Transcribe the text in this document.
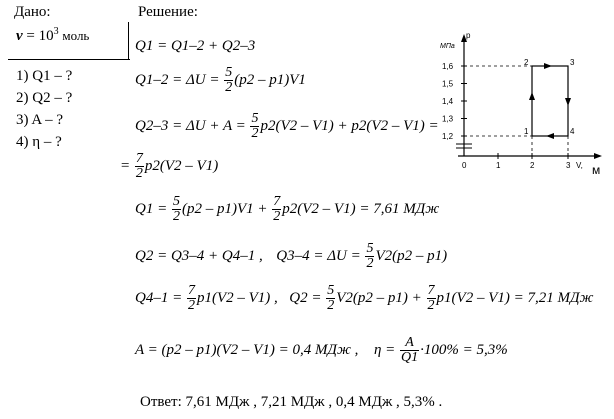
Дано:
$\nu = 10^3$ моль
1) Q1 – ?
2) Q2 – ?
3) A – ?
4) η – ?
Решение:
Q1 = Q1–2 + Q2–3
$Q1-2 = \Delta U = \frac{5}{2} (p2 - p1)V1$
$Q2-3 = \Delta U + A = \frac{5}{2} p2(V2 - V1) + p2(V2 - V1)$ =
= $\frac{7}{2} p2(V2 - V1)$
$Q1 = \frac{5}{2} (p2 - p1)V1 + \frac{7}{2} p2(V2 - V1) = 7,61$ МДж
Q2 = Q3–4 + Q4–1 , $Q3-4 = \Delta U = \frac{5}{2} V2(p2 - p1)$
$Q4-1 = \frac{7}{2} p1(V2 - V1)$ , $Q2 = \frac{5}{2} V2(p2 - p1) + \frac{7}{2} p1(V2 - V1) = 7,21$ МДж
A = (p2 – p1)(V2 – V1) = 0,4 МДж , $\eta = \frac{A}{Q1} \cdot 100\% = 5,3\%$
Ответ: 7,61 МДж , 7,21 МДж , 0,4 МДж , 5,3% .
1,6
1,5
1,4
1,3
1,2
0	1	2	3
1
2	3
4
p
МПа
V, м
